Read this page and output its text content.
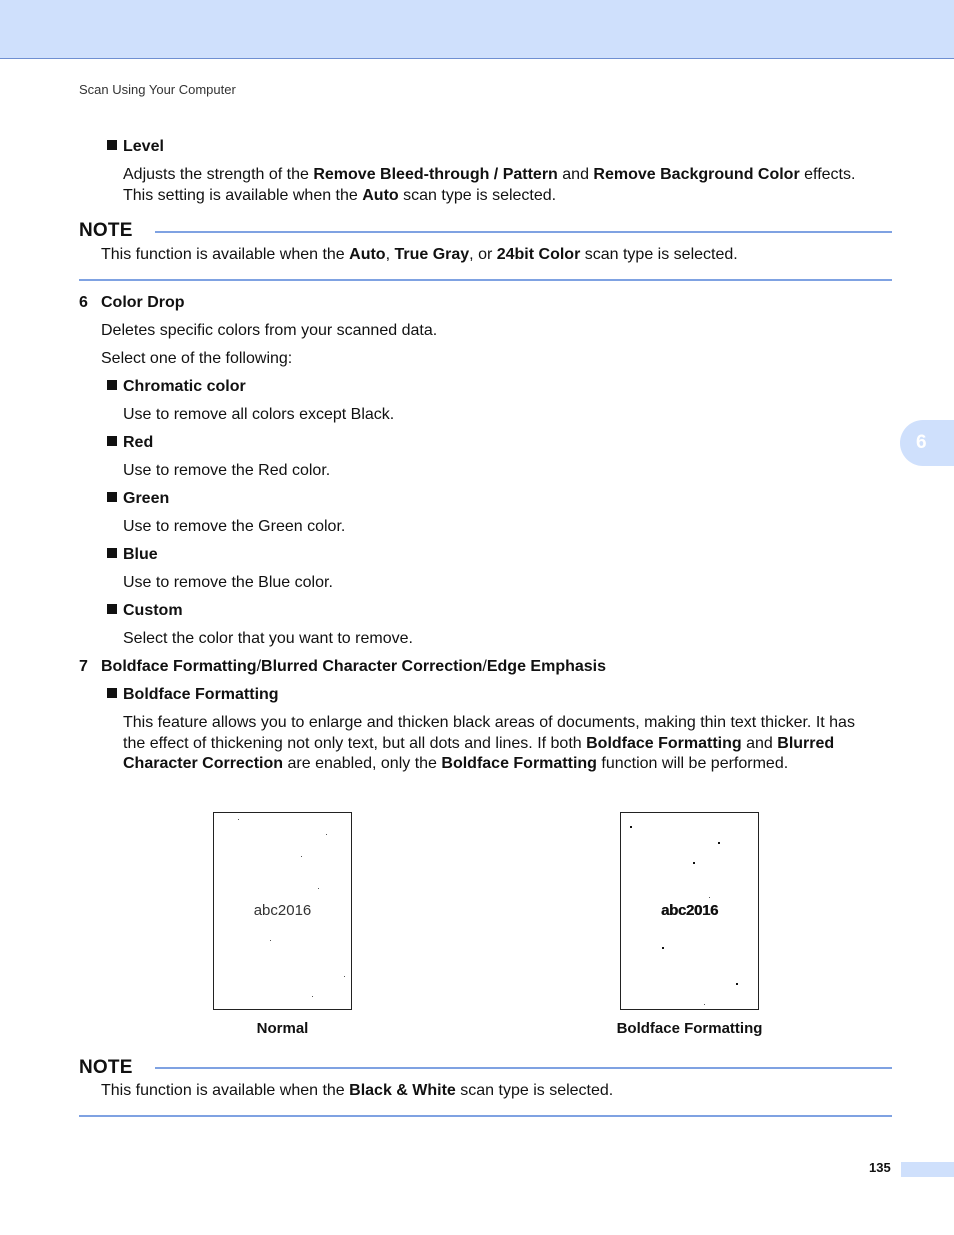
Scan Using Your Computer
6
Level
Adjusts the strength of the Remove Bleed-through / Pattern and Remove Background Color effects.
This setting is available when the Auto scan type is selected.
NOTE
This function is available when the Auto, True Gray, or 24bit Color scan type is selected.
6 Color Drop
Deletes specific colors from your scanned data.
Select one of the following:
Chromatic color
Use to remove all colors except Black.
Red
Use to remove the Red color.
Green
Use to remove the Green color.
Blue
Use to remove the Blue color.
Custom
Select the color that you want to remove.
7 Boldface Formatting/Blurred Character Correction/Edge Emphasis
Boldface Formatting
This feature allows you to enlarge and thicken black areas of documents, making thin text thicker. It has
the effect of thickening not only text, but all dots and lines. If both Boldface Formatting and Blurred
Character Correction are enabled, only the Boldface Formatting function will be performed.
abc2016
Normal
abc2016
Boldface Formatting
NOTE
This function is available when the Black & White scan type is selected.
135
